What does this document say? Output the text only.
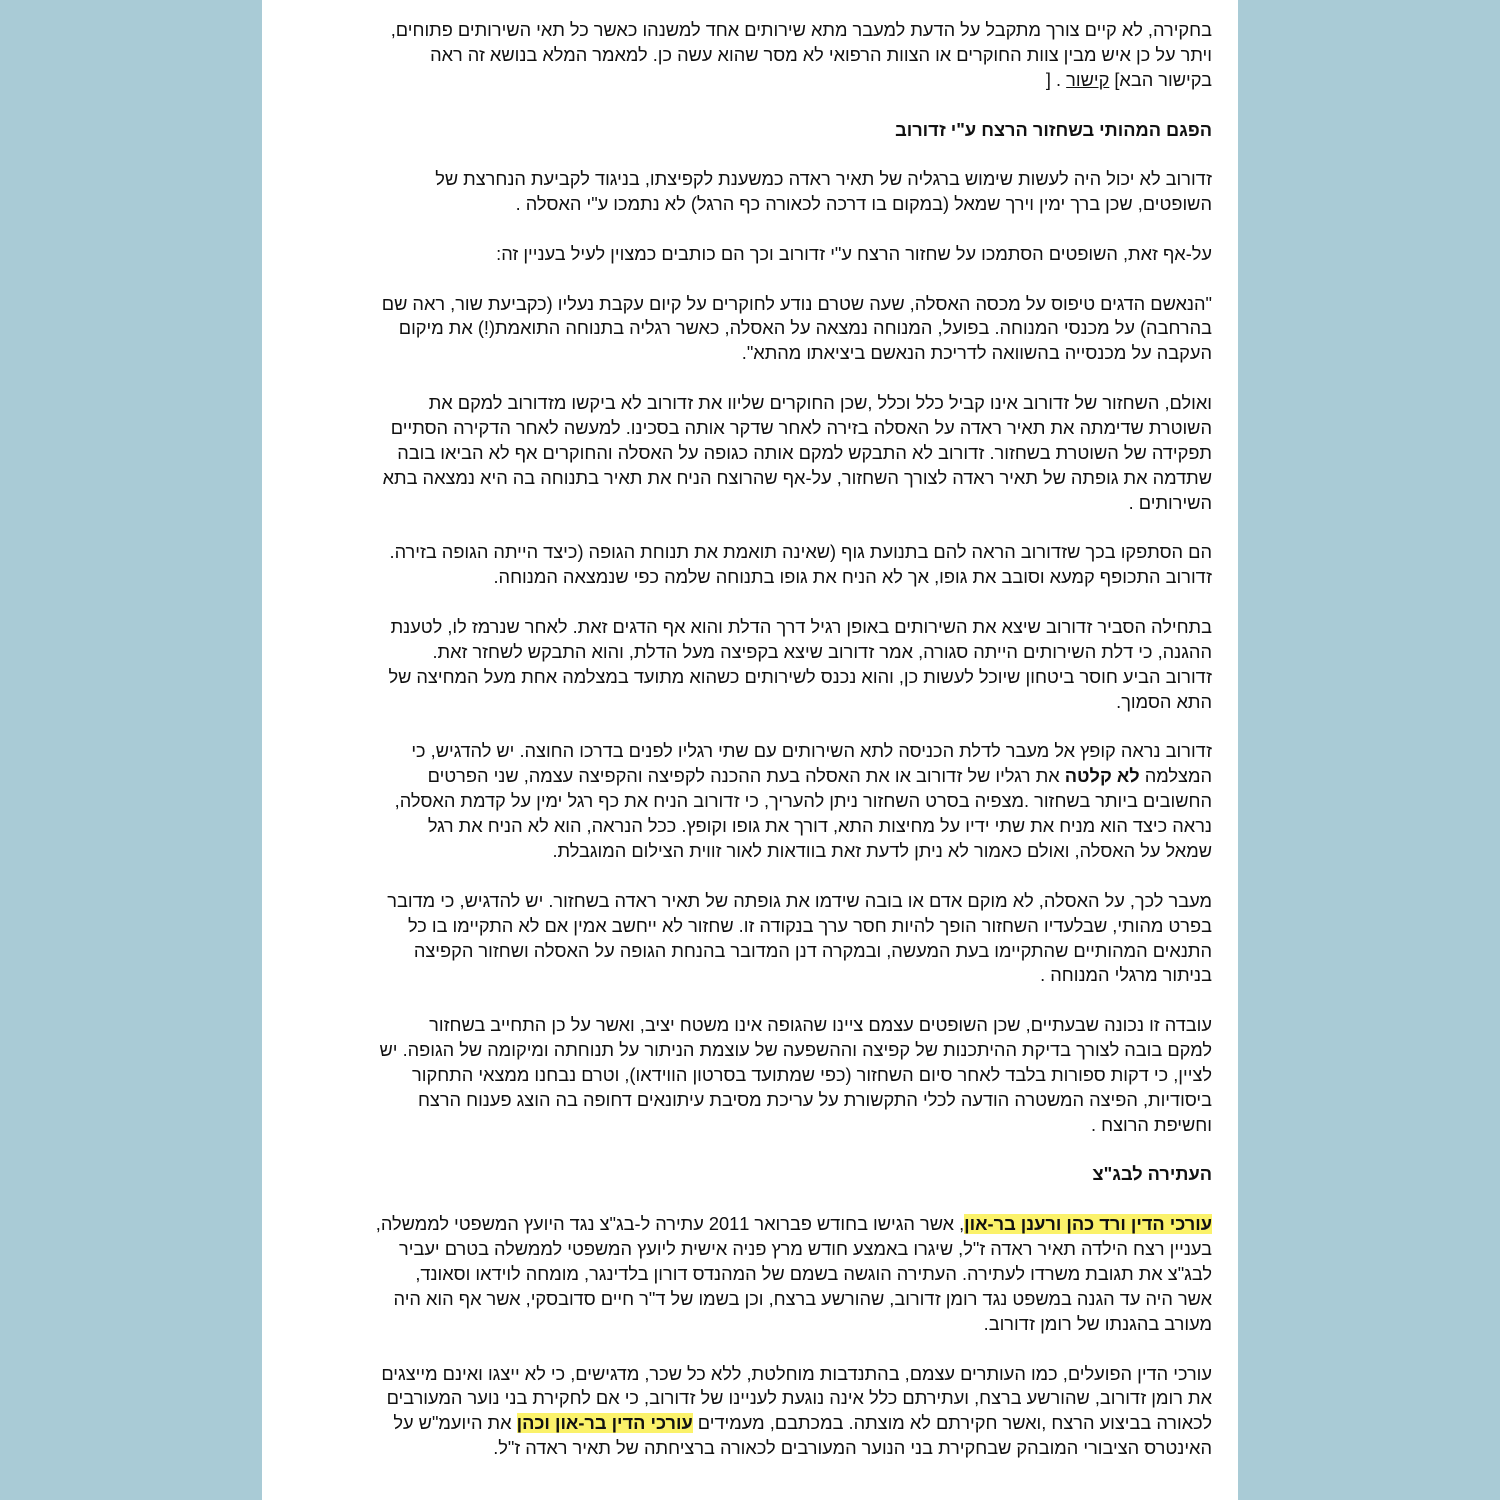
בחקירה, לא קיים צורך מתקבל על הדעת למעבר מתא שירותים אחד למשנהו כאשר כל תאי השירותים פתוחים,
ויתר על כן איש מבין צוות החוקרים או הצוות הרפואי לא מסר שהוא עשה כן. למאמר המלא בנושא זה ראה
בקישור הבא] קישור . [

הפגם המהותי בשחזור הרצח ע"י זדורוב

זדורוב לא יכול היה לעשות שימוש ברגליה של תאיר ראדה כמשענת לקפיצתו, בניגוד לקביעת הנחרצת של
השופטים, שכן ברך ימין וירך שמאל (במקום בו דרכה לכאורה כף הרגל) לא נתמכו ע"י האסלה .

על-אף זאת, השופטים הסתמכו על שחזור הרצח ע"י זדורוב וכך הם כותבים כמצוין לעיל בעניין זה:

"הנאשם הדגים טיפוס על מכסה האסלה, שעה שטרם נודע לחוקרים על קיום עקבת נעליו (כקביעת שור, ראה שם
בהרחבה) על מכנסי המנוחה. בפועל, המנוחה נמצאה על האסלה, כאשר רגליה בתנוחה התואמת(!) את מיקום
העקבה על מכנסייה בהשוואה לדריכת הנאשם ביציאתו מהתא".

ואולם, השחזור של זדורוב אינו קביל כלל וכלל ,שכן החוקרים שליוו את זדורוב לא ביקשו מזדורוב למקם את
השוטרת שדימתה את תאיר ראדה על האסלה בזירה לאחר שדקר אותה בסכינו. למעשה לאחר הדקירה הסתיים
תפקידה של השוטרת בשחזור. זדורוב לא התבקש למקם אותה כגופה על האסלה והחוקרים אף לא הביאו בובה
שתדמה את גופתה של תאיר ראדה לצורך השחזור, על-אף שהרוצח הניח את תאיר בתנוחה בה היא נמצאה בתא
השירותים .

הם הסתפקו בכך שזדורוב הראה להם בתנועת גוף (שאינה תואמת את תנוחת הגופה (כיצד הייתה הגופה בזירה.
זדורוב התכופף קמעא וסובב את גופו, אך לא הניח את גופו בתנוחה שלמה כפי שנמצאה המנוחה.

בתחילה הסביר זדורוב שיצא את השירותים באופן רגיל דרך הדלת והוא אף הדגים זאת. לאחר שנרמז לו, לטענת
ההגנה, כי דלת השירותים הייתה סגורה, אמר זדורוב שיצא בקפיצה מעל הדלת, והוא התבקש לשחזר זאת.
זדורוב הביע חוסר ביטחון שיוכל לעשות כן, והוא נכנס לשירותים כשהוא מתועד במצלמה אחת מעל המחיצה של
התא הסמוך.

זדורוב נראה קופץ אל מעבר לדלת הכניסה לתא השירותים עם שתי רגליו לפנים בדרכו החוצה. יש להדגיש, כי
המצלמה לא קלטה את רגליו של זדורוב או את האסלה בעת ההכנה לקפיצה והקפיצה עצמה, שני הפרטים
החשובים ביותר בשחזור .מצפיה בסרט השחזור ניתן להעריך, כי זדורוב הניח את כף רגל ימין על קדמת האסלה,
נראה כיצד הוא מניח את שתי ידיו על מחיצות התא, דורך את גופו וקופץ. ככל הנראה, הוא לא הניח את רגל
שמאל על האסלה, ואולם כאמור לא ניתן לדעת זאת בוודאות לאור זווית הצילום המוגבלת.

מעבר לכך, על האסלה, לא מוקם אדם או בובה שידמו את גופתה של תאיר ראדה בשחזור. יש להדגיש, כי מדובר
בפרט מהותי, שבלעדיו השחזור הופך להיות חסר ערך בנקודה זו. שחזור לא ייחשב אמין אם לא התקיימו בו כל
התנאים המהותיים שהתקיימו בעת המעשה, ובמקרה דנן המדובר בהנחת הגופה על האסלה ושחזור הקפיצה
בניתור מרגלי המנוחה .

עובדה זו נכונה שבעתיים, שכן השופטים עצמם ציינו שהגופה אינו משטח יציב, ואשר על כן התחייב בשחזור
למקם בובה לצורך בדיקת ההיתכנות של קפיצה וההשפעה של עוצמת הניתור על תנוחתה ומיקומה של הגופה. יש
לציין, כי דקות ספורות בלבד לאחר סיום השחזור (כפי שמתועד בסרטון הווידאו), וטרם נבחנו ממצאי התחקור
ביסודיות, הפיצה המשטרה הודעה לכלי התקשורת על עריכת מסיבת עיתונאים דחופה בה הוצג פענוח הרצח
וחשיפת הרוצח .

העתירה לבג"צ

עורכי הדין ורד כהן ורענן בר-און, אשר הגישו בחודש פברואר 2011 עתירה ל-בג"צ נגד היועץ המשפטי לממשלה,
בעניין רצח הילדה תאיר ראדה ז"ל, שיגרו באמצע חודש מרץ פניה אישית ליועץ המשפטי לממשלה בטרם יעביר
לבג"צ את תגובת משרדו לעתירה. העתירה הוגשה בשמם של המהנדס דורון בלדינגר, מומחה לוידאו וסאונד,
אשר היה עד הגנה במשפט נגד רומן זדורוב, שהורשע ברצח, וכן בשמו של ד"ר חיים סדובסקי, אשר אף הוא היה
מעורב בהגנתו של רומן זדורוב.

עורכי הדין הפועלים, כמו העותרים עצמם, בהתנדבות מוחלטת, ללא כל שכר, מדגישים, כי לא ייצגו ואינם מייצגים
את רומן זדורוב, שהורשע ברצח, ועתירתם כלל אינה נוגעת לעניינו של זדורוב, כי אם לחקירת בני נוער המעורבים
לכאורה בביצוע הרצח ,ואשר חקירתם לא מוצתה. במכתבם, מעמידים עורכי הדין בר-און וכהן את היועמ"ש על
האינטרס הציבורי המובהק שבחקירת בני הנוער המעורבים לכאורה ברציחתה של תאיר ראדה ז"ל.
